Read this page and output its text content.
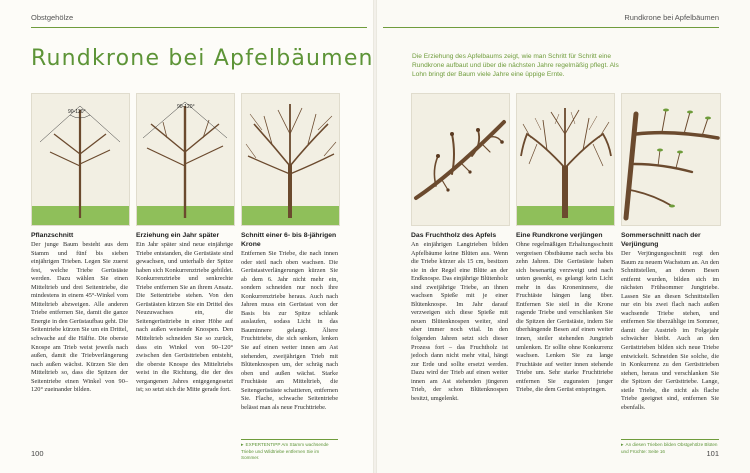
Obstgehölze	Rundkrone bei Apfelbäumen
Rundkrone bei Apfelbäumen	Die Erziehung des Apfelbaums zeigt, wie man Schritt für Schritt eine Rundkrone aufbaut und über die nächsten Jahre regelmäßig pflegt. Als Lohn bringt der Baum viele Jahre eine üppige Ernte.
90-120°
90-120°
Pflanzschnitt	Erziehung ein Jahr später	Schnitt einer 6- bis 8-jährigen Krone
Das Fruchtholz des Apfels	Eine Rundkrone verjüngen	Sommerschnitt nach der Verjüngung
Der junge Baum besteht aus dem Stamm und fünf bis sieben einjährigen Trieben. Legen Sie zuerst fest, welche Triebe Gerüstäste werden. Dazu wählen Sie einen Mitteltrieb und drei Seitentriebe, die mindestens in einem 45°-Winkel vom Mitteltrieb abzweigen. Alle anderen Triebe entfernen Sie, damit die ganze Energie in den Gerüstaufbau geht. Die Seitentriebe kürzen Sie um ein Drittel, schwache auf die Hälfte. Die oberste Knospe am Trieb weist jeweils nach außen, damit die Triebverlängerung nach außen wächst. Kürzen Sie den Mitteltrieb so, dass die Spitzen der Seitentriebe einen Winkel von 90–120° zueinander bilden.
Ein Jahr später sind neue einjährige Triebe entstanden, die Gerüstäste sind gewachsen, und unterhalb der Spitze haben sich Konkurrenztriebe gebildet. Konkurrenztriebe und senkrechte Triebe entfernen Sie an ihrem Ansatz. Die Seitentriebe stehen. Von den Gerüstästen kürzen Sie ein Drittel des Neuzuwachses ein, die Seitengerüsttriebe in einer Höhe auf nach außen weisende Knospen. Den Mitteltrieb schneiden Sie so zurück, dass ein Winkel von 90–120° zwischen den Gerüsttrieben entsteht, die oberste Knospe des Mitteltriebs weist in die Richtung, die der des vergangenen Jahres entgegengesetzt ist; so setzt sich die Mitte gerade fort.
Entfernen Sie Triebe, die nach innen oder steil nach oben wachsen. Die Gerüstastverlängerungen kürzen Sie ab dem 6. Jahr nicht mehr ein, sondern schneiden nur noch ihre Konkurrenztriebe heraus. Auch nach Jahren muss ein Gerüstast von der Basis bis zur Spitze schlank auslaufen, sodass Licht in das Bauminnere gelangt. Ältere Fruchttriebe, die sich senken, lenken Sie auf einen weiter innen am Ast stehenden, zweijährigen Trieb mit Blütenknospen um, der schräg nach oben und außen wächst. Starke Fruchtäste am Mitteltrieb, die Seitengerüstäste schattieren, entfernen Sie. Flache, schwache Seitentriebe belässt man als neue Fruchttriebe.
An einjährigen Langtrieben bilden Apfelbäume keine Blüten aus. Wenn die Triebe kürzer als 15 cm, besitzen sie in der Regel eine Blüte an der Endknospe. Das einjährige Blütenholz sind zweijährige Triebe, an ihnen wachsen Spieße mit je einer Blütenknospe. Im Jahr darauf verzweigen sich diese Spieße mit neuen Blütenknospen weiter, sind aber immer noch vital. In den folgenden Jahren setzt sich dieser Prozess fort – das Fruchtholz ist jedoch dann nicht mehr vital, hängt zur Erde und sollte ersetzt werden. Dazu wird der Trieb auf einen weiter innen am Ast stehenden jüngeren Trieb, der schon Blütenknospen besitzt, umgelenkt.
Ohne regelmäßigen Erhaltungsschnitt vergreisen Obstbäume nach sechs bis zehn Jahren. Die Gerüstäste haben sich besenartig verzweigt und nach unten gesenkt, es gelangt kein Licht mehr in das Kroneninnere, die Fruchtäste hängen lang über. Entfernen Sie steil in die Krone ragende Triebe und verschlanken Sie die Spitzen der Gerüstäste, indem Sie überhängende Besen auf einen weiter innen, steiler stehenden Jungtrieb umlenken. Er sollte ohne Konkurrenz wachsen. Lenken Sie zu lange Fruchtäste auf weiter innen stehende Triebe um. Sehr starke Fruchttriebe entfernen Sie zugunsten junger Triebe, die dem Gerüst entspringen.
Der Verjüngungsschnitt regt den Baum zu neuem Wachstum an. An den Schnittstellen, an denen Besen entfernt wurden, bilden sich im nächsten Frühsommer Jungtriebe. Lassen Sie an diesen Schnittstellen nur ein bis zwei flach nach außen wachsende Triebe stehen, und entfernen Sie überzählige im Sommer, damit der Austrieb im Folgejahr schwächer bleibt. Auch an den Gerüsttrieben bilden sich neue Triebe entwickelt. Schneiden Sie solche, die in Konkurrenz zu den Gerüsttrieben stehen, heraus und verschlanken Sie die Spitzen der Gerüsttriebe. Lange, steile Triebe, die nicht als flache Triebe geeignet sind, entfernen Sie ebenfalls.
▸ EXPERTENTIPP Am Stamm wachsende Triebe und Wildtriebe entfernen Sie im Sommer.
▸ An diesen Trieben bilden Obstgehölze Blüten und Früchte: Seite 16
100	101
